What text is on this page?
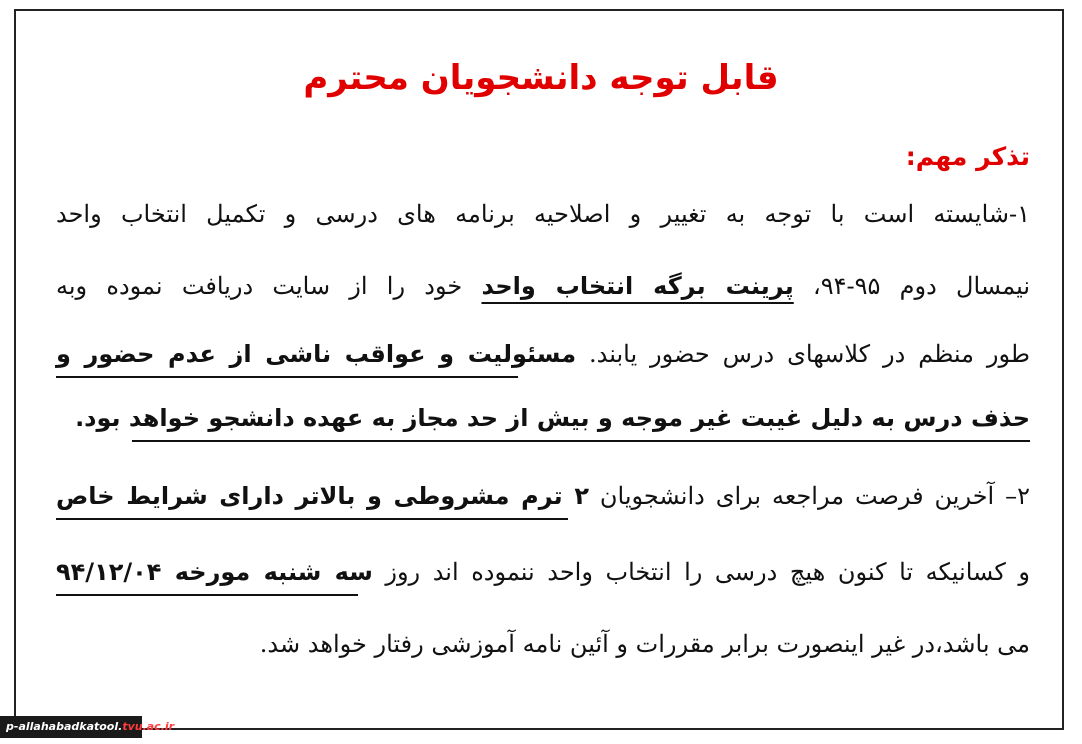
قابل توجه دانشجویان محترم
تذکر مهم:
۱-شایسته است با توجه به تغییر و اصلاحیه برنامه های درسی و تکمیل انتخاب واحد
نیمسال دوم ۹۵-۹۴، پرینت برگه انتخاب واحد خود را از سایت دریافت نموده وبه
طور منظم در کلاسهای درس حضور یابند. مسئولیت و عواقب ناشی از عدم حضور و
حذف درس به دلیل غیبت غیر موجه و بیش از حد مجاز به عهده دانشجو خواهد بود.
۲– آخرین فرصت مراجعه برای دانشجویان ۲ ترم مشروطی و بالاتر دارای شرایط خاص
و کسانیکه تا کنون هیچ درسی را انتخاب واحد ننموده اند روز سه شنبه مورخه ۹۴/۱۲/۰۴
می باشد،در غیر اینصورت برابر مقررات و آئین نامه آموزشی رفتار خواهد شد.
p-allahabadkatool.tvu.ac.ir
